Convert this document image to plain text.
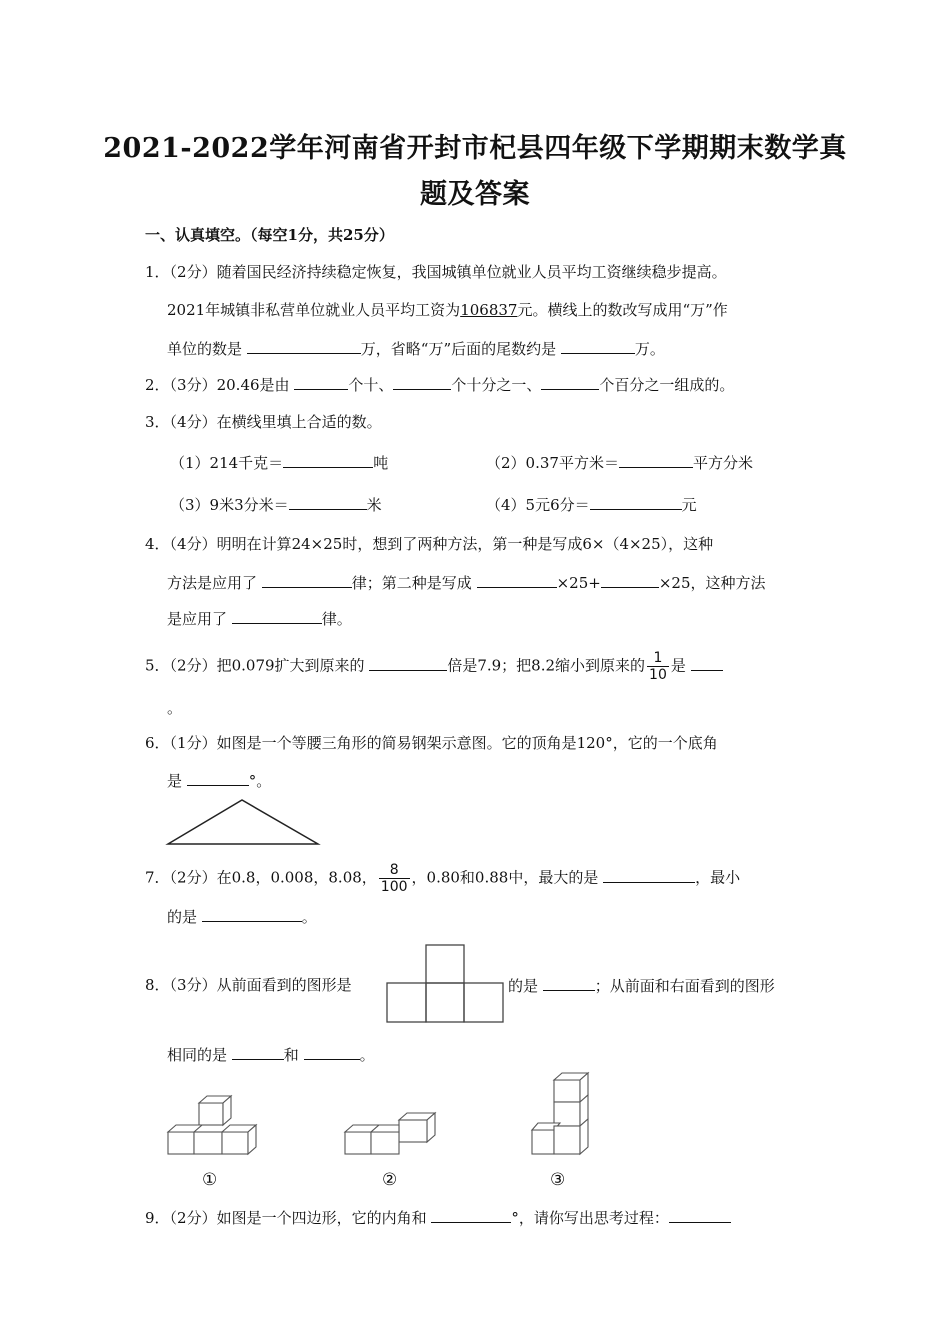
2021-2022学年河南省开封市杞县四年级下学期期末数学真
题及答案
一、认真填空。（每空1分，共25分）
1．（2分）随着国民经济持续稳定恢复，我国城镇单位就业人员平均工资继续稳步提高。
2021年城镇非私营单位就业人员平均工资为106837元。横线上的数改写成用“万”作
单位的数是	万，省略“万”后面的尾数约是	万。
2．（3分）20.46是由	个十、	个十分之一、	个百分之一组成的。
3．（4分）在横线里填上合适的数。
（1）214千克＝	吨	（2）0.37平方米＝	平方分米
（3）9米3分米＝	米	（4）5元6分＝	元
4．（4分）明明在计算24×25时，想到了两种方法，第一种是写成6×（4×25），这种
方法是应用了	律；第二种是写成	×25+	×25，这种方法
是应用了	律。
5．（2分）把0.079扩大到原来的	倍是7.9；把8.2缩小到原来的 $\frac{1}{10}$ 是
。
6．（1分）如图是一个等腰三角形的简易钢架示意图。它的顶角是120°，它的一个底角
是	°。
7．（2分）在0.8，0.008，8.08， $\frac{8}{100}$ ，0.80和0.88中，最大的是	，最小
的是	。
8．（3分）从前面看到的图形是	的是	；从前面和右面看到的图形
相同的是	和	。
①	②	③
9．（2分）如图是一个四边形，它的内角和	°，请你写出思考过程：
